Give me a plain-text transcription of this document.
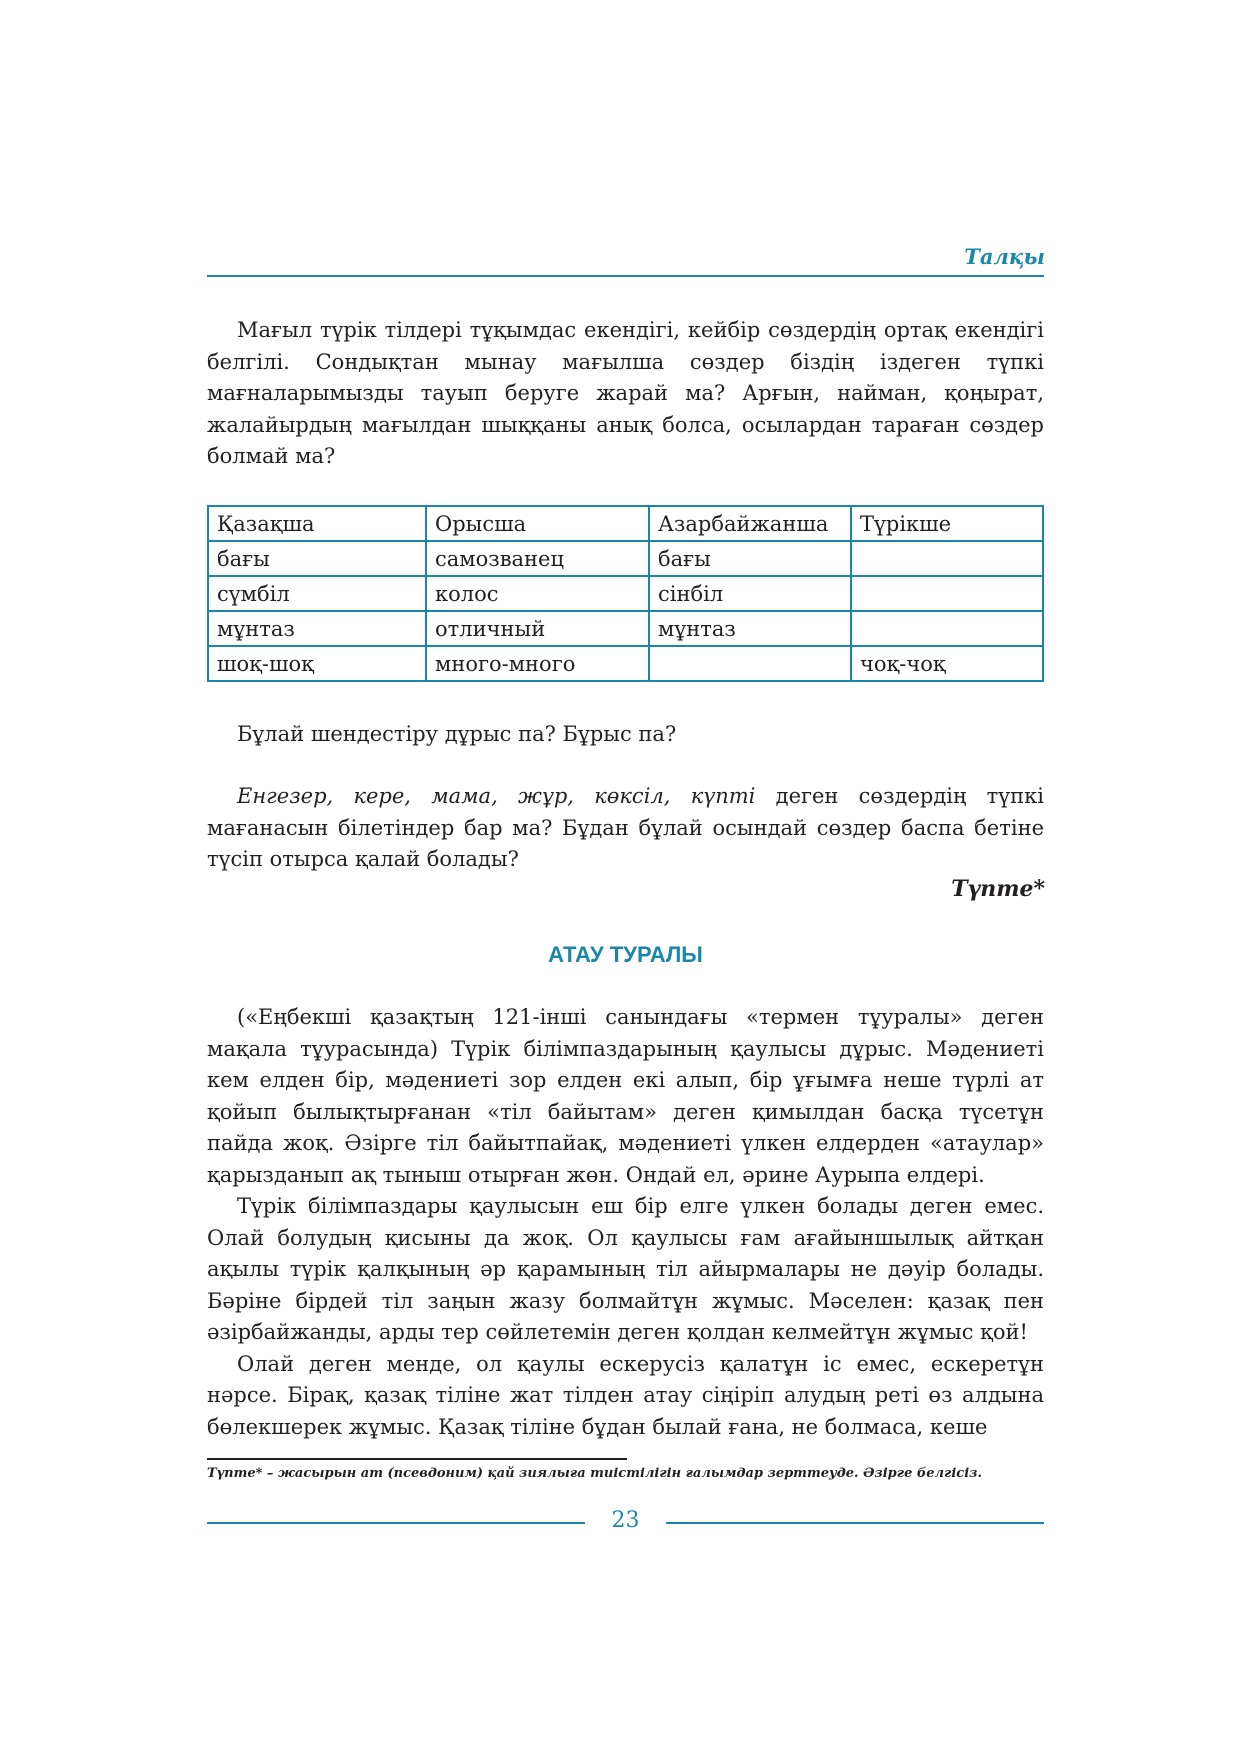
Талқы

Мағыл түрік тілдері тұқымдас екендігі, кейбір сөздердің ортақ екендігі белгілі. Сондықтан мынау мағылша сөздер біздің іздеген түпкі мағналарымызды тауып беруге жарай ма? Арғын, найман, қоңырат, жалайырдың мағылдан шыққаны анық болса, осылардан тараған сөздер болмай ма?

Қазақша	Орысша	Азарбайжанша	Түрікше
бағы	самозванец	бағы	
сүмбіл	колос	сінбіл	
мұнтаз	отличный	мұнтаз	
шоқ-шоқ	много-много		чоқ-чоқ

Бұлай шендестіру дұрыс па? Бұрыс па?

Енгезер, кере, мама, жұр, көксіл, күпті деген сөздердің түпкі мағанасын білетіндер бар ма? Бұдан бұлай осындай сөздер баспа бетіне түсіп отырса қалай болады?

Түпте*
АТАУ ТУРАЛЫ

(«Еңбекші қазақтың 121-інші санындағы «термен тұуралы» деген мақала тұурасында) Түрік білімпаздарының қаулысы дұрыс. Мәдениеті кем елден бір, мәдениеті зор елден екі алып, бір ұғымға неше түрлі ат қойып былықтырғанан «тіл байытам» деген қимылдан басқа түсетұн пайда жоқ. Әзірге тіл байытпайақ, мәдениеті үлкен елдерден «атаулар» қарызданып ақ тыныш отырған жөн. Ондай ел, әрине Аурыпа елдері.

Түрік білімпаздары қаулысын еш бір елге үлкен болады деген емес. Олай болудың қисыны да жоқ. Ол қаулысы ғам ағайыншылық айтқан ақылы түрік қалқының әр қарамының тіл айырмалары не дәуір болады. Бәріне бірдей тіл заңын жазу болмайтұн жұмыс. Мәселен: қазақ пен әзірбайжанды, арды тер сөйлетемін деген қолдан келмейтұн жұмыс қой!

Олай деген менде, ол қаулы ескерусіз қалатұн іс емес, ескеретұн нәрсе. Бірақ, қазақ тіліне жат тілден атау сіңіріп алудың реті өз алдына бөлекшерек жұмыс. Қазақ тіліне бұдан былай ғана, не болмаса, кеше

Түпте* – жасырын ат (псевдоним) қай зиялыға тиістілігін ғалымдар зерттеуде. Әзірге белгісіз.
23
